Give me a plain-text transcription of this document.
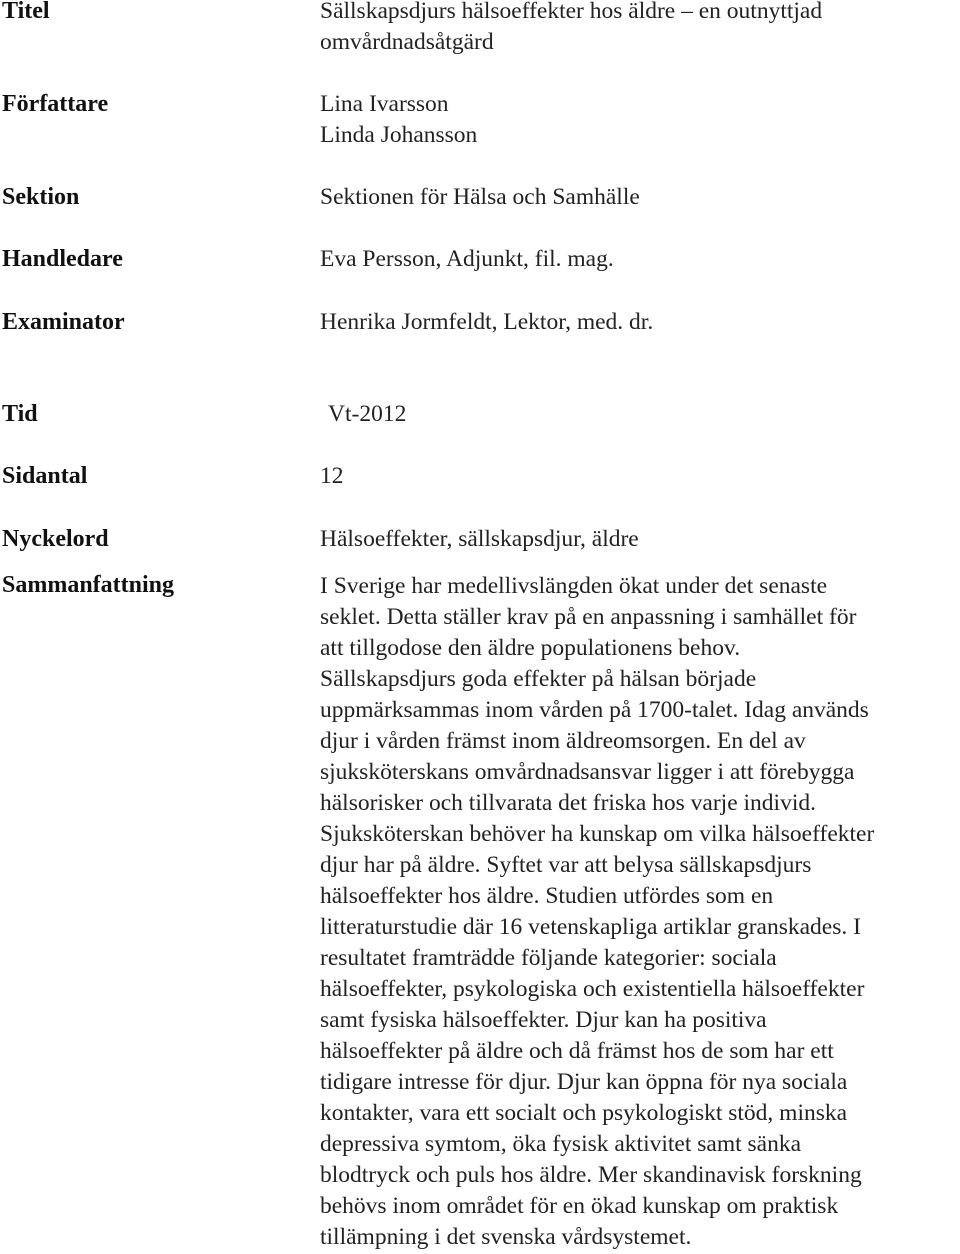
Titel	Sällskapsdjurs hälsoeffekter hos äldre – en outnyttjad
omvårdnadsåtgärd
Författare	Lina Ivarsson
Linda Johansson
Sektion	Sektionen för Hälsa och Samhälle
Handledare	Eva Persson, Adjunkt, fil. mag.
Examinator	Henrika Jormfeldt, Lektor, med. dr.
Tid	Vt-2012
Sidantal	12
Nyckelord	Hälsoeffekter, sällskapsdjur, äldre
Sammanfattning	I Sverige har medellivslängden ökat under det senaste
seklet. Detta ställer krav på en anpassning i samhället för
att tillgodose den äldre populationens behov.
Sällskapsdjurs goda effekter på hälsan började
uppmärksammas inom vården på 1700-talet. Idag används
djur i vården främst inom äldreomsorgen. En del av
sjuksköterskans omvårdnadsansvar ligger i att förebygga
hälsorisker och tillvarata det friska hos varje individ.
Sjuksköterskan behöver ha kunskap om vilka hälsoeffekter
djur har på äldre. Syftet var att belysa sällskapsdjurs
hälsoeffekter hos äldre. Studien utfördes som en
litteraturstudie där 16 vetenskapliga artiklar granskades. I
resultatet framträdde följande kategorier: sociala
hälsoeffekter, psykologiska och existentiella hälsoeffekter
samt fysiska hälsoeffekter. Djur kan ha positiva
hälsoeffekter på äldre och då främst hos de som har ett
tidigare intresse för djur. Djur kan öppna för nya sociala
kontakter, vara ett socialt och psykologiskt stöd, minska
depressiva symtom, öka fysisk aktivitet samt sänka
blodtryck och puls hos äldre. Mer skandinavisk forskning
behövs inom området för en ökad kunskap om praktisk
tillämpning i det svenska vårdsystemet.
